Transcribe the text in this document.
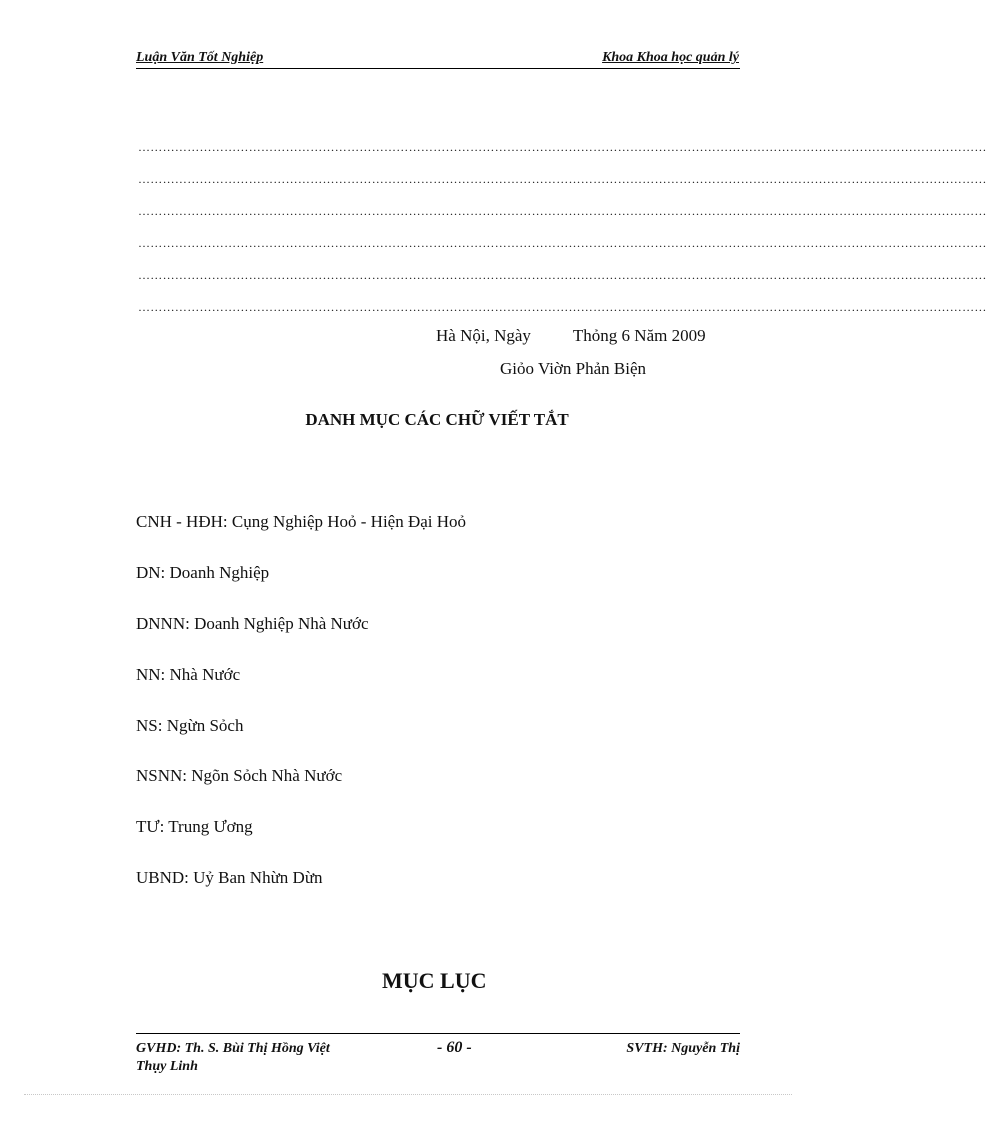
Luận Văn Tốt Nghiệp	Khoa Khoa học quản lý
………………………………………………………………………………………………………………………………………………………………………………………
………………………………………………………………………………………………………………………………………………………………………………………
………………………………………………………………………………………………………………………………………………………………………………………
………………………………………………………………………………………………………………………………………………………………………………………
………………………………………………………………………………………………………………………………………………………………………………………
………………………………………………………………………………………………………………………………………………………………………………………
Hà Nội, Ngày Thỏng 6 Năm 2009
Giỏo Viờn Phản Biện
DANH MỤC CÁC CHỮ VIẾT TẮT
CNH - HĐH: Cụng Nghiệp Hoỏ - Hiện Đại Hoỏ
DN: Doanh Nghiệp
DNNN: Doanh Nghiệp Nhà Nước
NN: Nhà Nước
NS: Ngừn Sỏch
NSNN: Ngõn Sỏch Nhà Nước
TƯ: Trung Ương
UBND: Uỷ Ban Nhừn Dừn
MỤC LỤC
GVHD: Th. S. Bùi Thị Hồng Việt	- 60 -	SVTH: Nguyễn Thị
Thụy Linh
